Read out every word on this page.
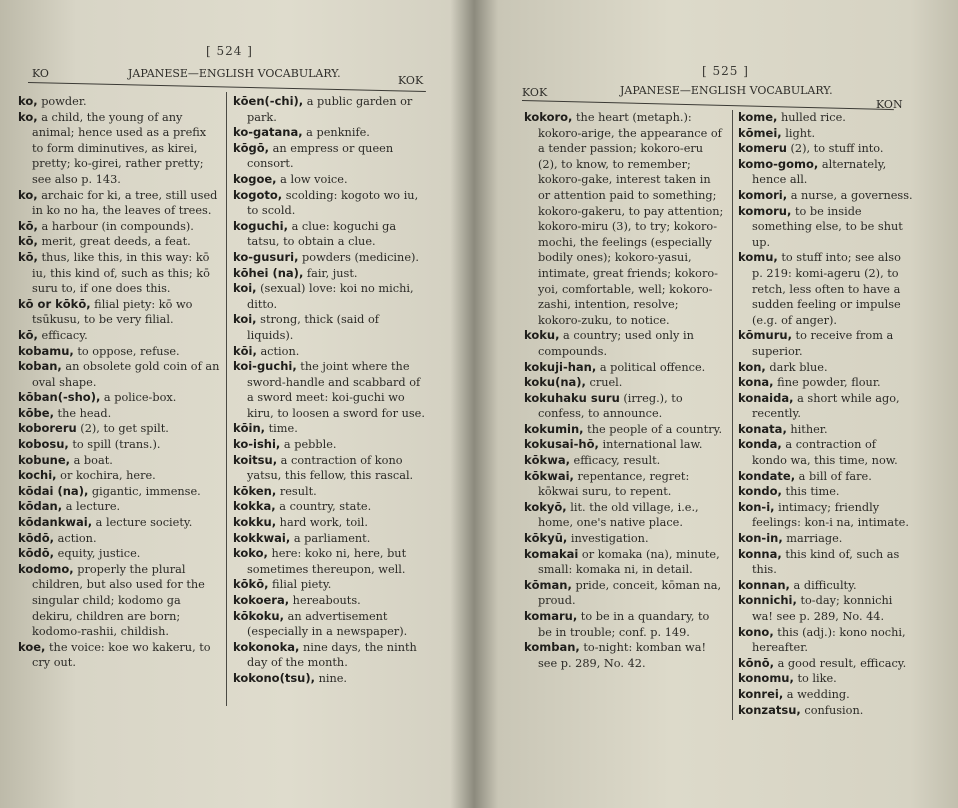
[ 524 ]
KO	JAPANESE—ENGLISH VOCABULARY.
KOK

ko, powder.

ko, a child, the young of any animal; hence used as a prefix to form diminutives, as kirei, pretty; ko-girei, rather pretty; see also p. 143.

ko, archaic for ki, a tree, still used in ko no ha, the leaves of trees.

kō, a harbour (in compounds).

kō, merit, great deeds, a feat.

kō, thus, like this, in this way: kō iu, this kind of, such as this; kō suru to, if one does this.

kō or kōkō, filial piety: kō wo tsūkusu, to be very filial.

kō, efficacy.

kobamu, to oppose, refuse.

koban, an obsolete gold coin of an oval shape.

kōban(-sho), a police-box.

kōbe, the head.

koboreru (2), to get spilt.

kobosu, to spill (trans.).

kobune, a boat.

kochi, or kochira, here.

kōdai (na), gigantic, immense.

kōdan, a lecture.

kōdankwai, a lecture society.

kōdō, action.

kōdō, equity, justice.

kodomo, properly the plural children, but also used for the singular child; kodomo ga dekiru, children are born; kodomo-rashii, childish.

koe, the voice: koe wo kakeru, to cry out.

kōen(-chi), a public garden or park.

ko-gatana, a penknife.

kōgō, an empress or queen consort.

kogoe, a low voice.

kogoto, scolding: kogoto wo iu, to scold.

koguchi, a clue: koguchi ga tatsu, to obtain a clue.

ko-gusuri, powders (medicine).

kōhei (na), fair, just.

koi, (sexual) love: koi no michi, ditto.

koi, strong, thick (said of liquids).

kōi, action.

koi-guchi, the joint where the sword-handle and scabbard of a sword meet: koi-guchi wo kiru, to loosen a sword for use.

kōin, time.

ko-ishi, a pebble.

koitsu, a contraction of kono yatsu, this fellow, this rascal.

kōken, result.

kokka, a country, state.

kokku, hard work, toil.

kokkwai, a parliament.

koko, here: koko ni, here, but sometimes thereupon, well.

kōkō, filial piety.

kokoera, hereabouts.

kōkoku, an advertisement (especially in a newspaper).

kokonoka, nine days, the ninth day of the month.

kokono(tsu), nine.

[ 525 ]
KOK	JAPANESE—ENGLISH VOCABULARY.
KON

kokoro, the heart (metaph.): kokoro-arige, the appearance of a tender passion; kokoro-eru (2), to know, to remember; kokoro-gake, interest taken in or attention paid to something; kokoro-gakeru, to pay attention; kokoro-miru (3), to try; kokoro-mochi, the feelings (especially bodily ones); kokoro-yasui, intimate, great friends; kokoro-yoi, comfortable, well; kokoro-zashi, intention, resolve; kokoro-zuku, to notice.

koku, a country; used only in compounds.

kokuji-han, a political offence.

koku(na), cruel.

kokuhaku suru (irreg.), to confess, to announce.

kokumin, the people of a country.

kokusai-hō, international law.

kōkwa, efficacy, result.

kōkwai, repentance, regret: kōkwai suru, to repent.

kokyō, lit. the old village, i.e., home, one's native place.

kōkyū, investigation.

komakai or komaka (na), minute, small: komaka ni, in detail.

kōman, pride, conceit, kōman na, proud.

komaru, to be in a quandary, to be in trouble; conf. p. 149.

komban, to-night: komban wa! see p. 289, No. 42.

kome, hulled rice.

kōmei, light.

komeru (2), to stuff into.

komo-gomo, alternately, hence all.

komori, a nurse, a governess.

komoru, to be inside something else, to be shut up.

komu, to stuff into; see also p. 219: komi-ageru (2), to retch, less often to have a sudden feeling or impulse (e.g. of anger).

kōmuru, to receive from a superior.

kon, dark blue.

kona, fine powder, flour.

konaida, a short while ago, recently.

konata, hither.

konda, a contraction of kondo wa, this time, now.

kondate, a bill of fare.

kondo, this time.

kon-i, intimacy; friendly feelings: kon-i na, intimate.

kon-in, marriage.

konna, this kind of, such as this.

konnan, a difficulty.

konnichi, to-day; konnichi wa! see p. 289, No. 44.

kono, this (adj.): kono nochi, hereafter.

kōnō, a good result, efficacy.

konomu, to like.

konrei, a wedding.

konzatsu, confusion.
